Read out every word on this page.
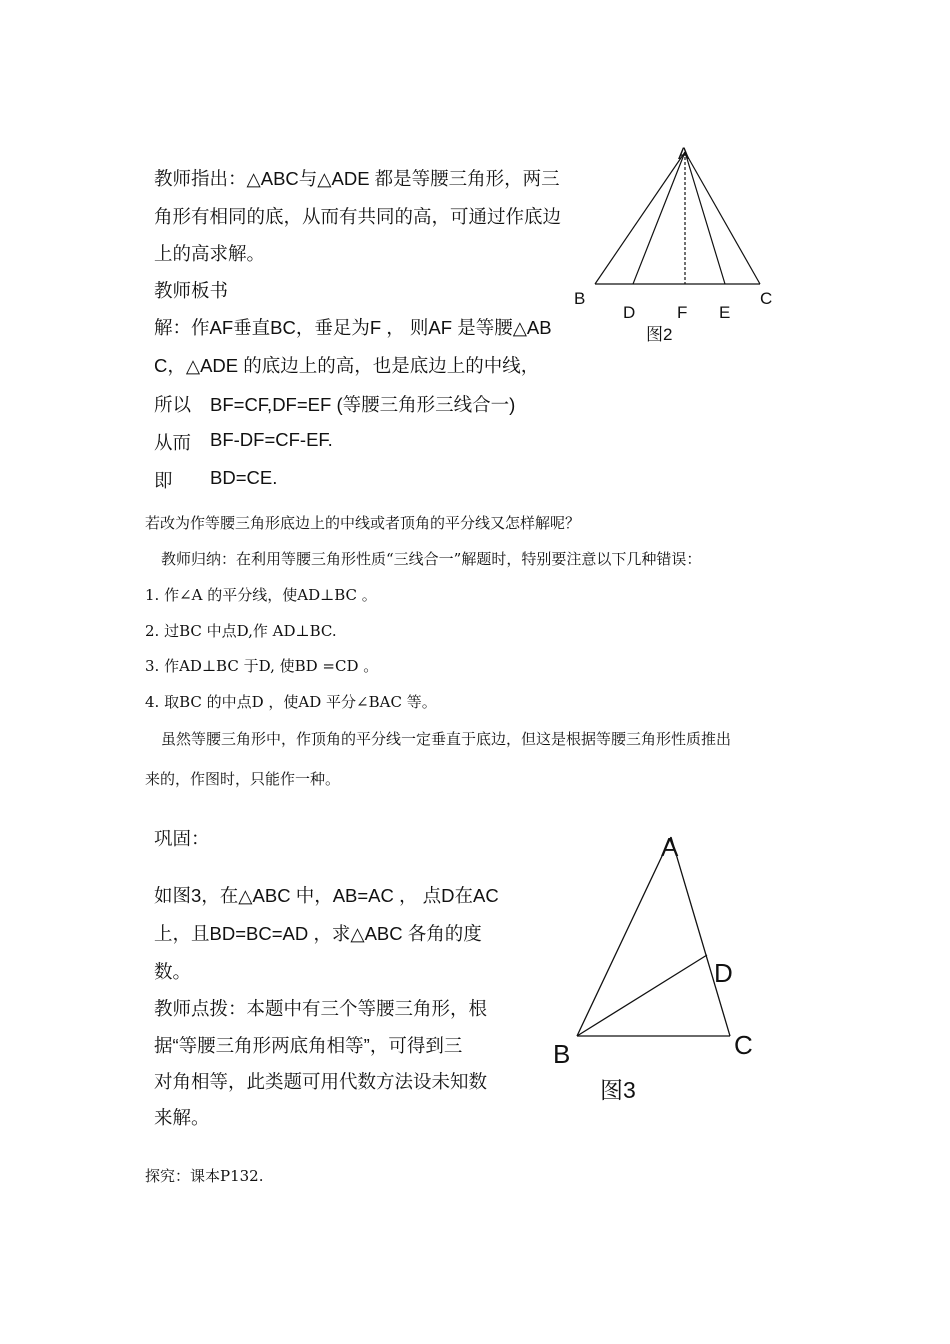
教师指出：△ABC与△ADE 都是等腰三角形，两三
角形有相同的底，从而有共同的高，可通过作底边
上的高求解。
教师板书
解：作AF垂直BC，垂足为F ， 则AF 是等腰△AB
C，△ADE 的底边上的高，也是底边上的中线，
所以 BF=CF,DF=EF (等腰三角形三线合一)
从而 BF-DF=CF-EF.
即 BD=CE.
A
B	C
D F E
图2
若改为作等腰三角形底边上的中线或者顶角的平分线又怎样解呢？
教师归纳：在利用等腰三角形性质“三线合一”解题时，特别要注意以下几种错误：
1. 作∠A 的平分线，使AD⊥BC 。
2. 过BC 中点D,作 AD⊥BC.
3. 作AD⊥BC 于D, 使BD =CD 。
4. 取BC 的中点D ，使AD 平分∠BAC 等。
虽然等腰三角形中，作顶角的平分线一定垂直于底边，但这是根据等腰三角形性质推出
来的，作图时，只能作一种。
巩固：
如图3，在△ABC 中，AB=AC ， 点D在AC
上，且BD=BC=AD ，求△ABC 各角的度
数。
教师点拨：本题中有三个等腰三角形，根
据“等腰三角形两底角相等”，可得到三
对角相等，此类题可用代数方法设未知数
来解。
A
D
B	C
图3
探究：课本P132.
